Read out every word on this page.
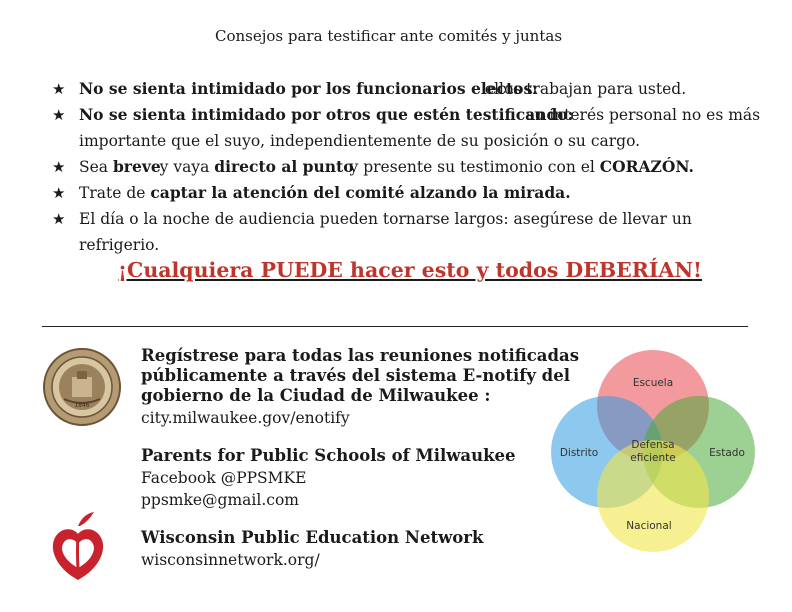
Consejos para testificar ante comités y juntas
★ No se sienta intimidado por los funcionarios electos: ellos trabajan para usted.
★ No se sienta intimidado por otros que estén testificando: su interés personal no es más importante que el suyo, independientemente de su posición o su cargo.
★ Sea breve y vaya directo al puntoy presente su testimonio con el CORAZÓN.
★ Trate de captar la atención del comité alzando la mirada.
★ El día o la noche de audiencia pueden tornarse largos: asegúrese de llevar un refrigerio.
¡Cualquiera PUEDE hacer esto y todos DEBERÍAN!
1846
Regístrese para todas las reuniones notificadas públicamente a través del sistema E-notify del gobierno de la Ciudad de Milwaukee :
city.milwaukee.gov/enotify
Parents for Public Schools of Milwaukee
Facebook @PPSMKE
ppsmke@gmail.com
Wisconsin Public Education Network
wisconsinnetwork.org/
Escuela
Distrito	Estado
Nacional
Defensa
eficiente
